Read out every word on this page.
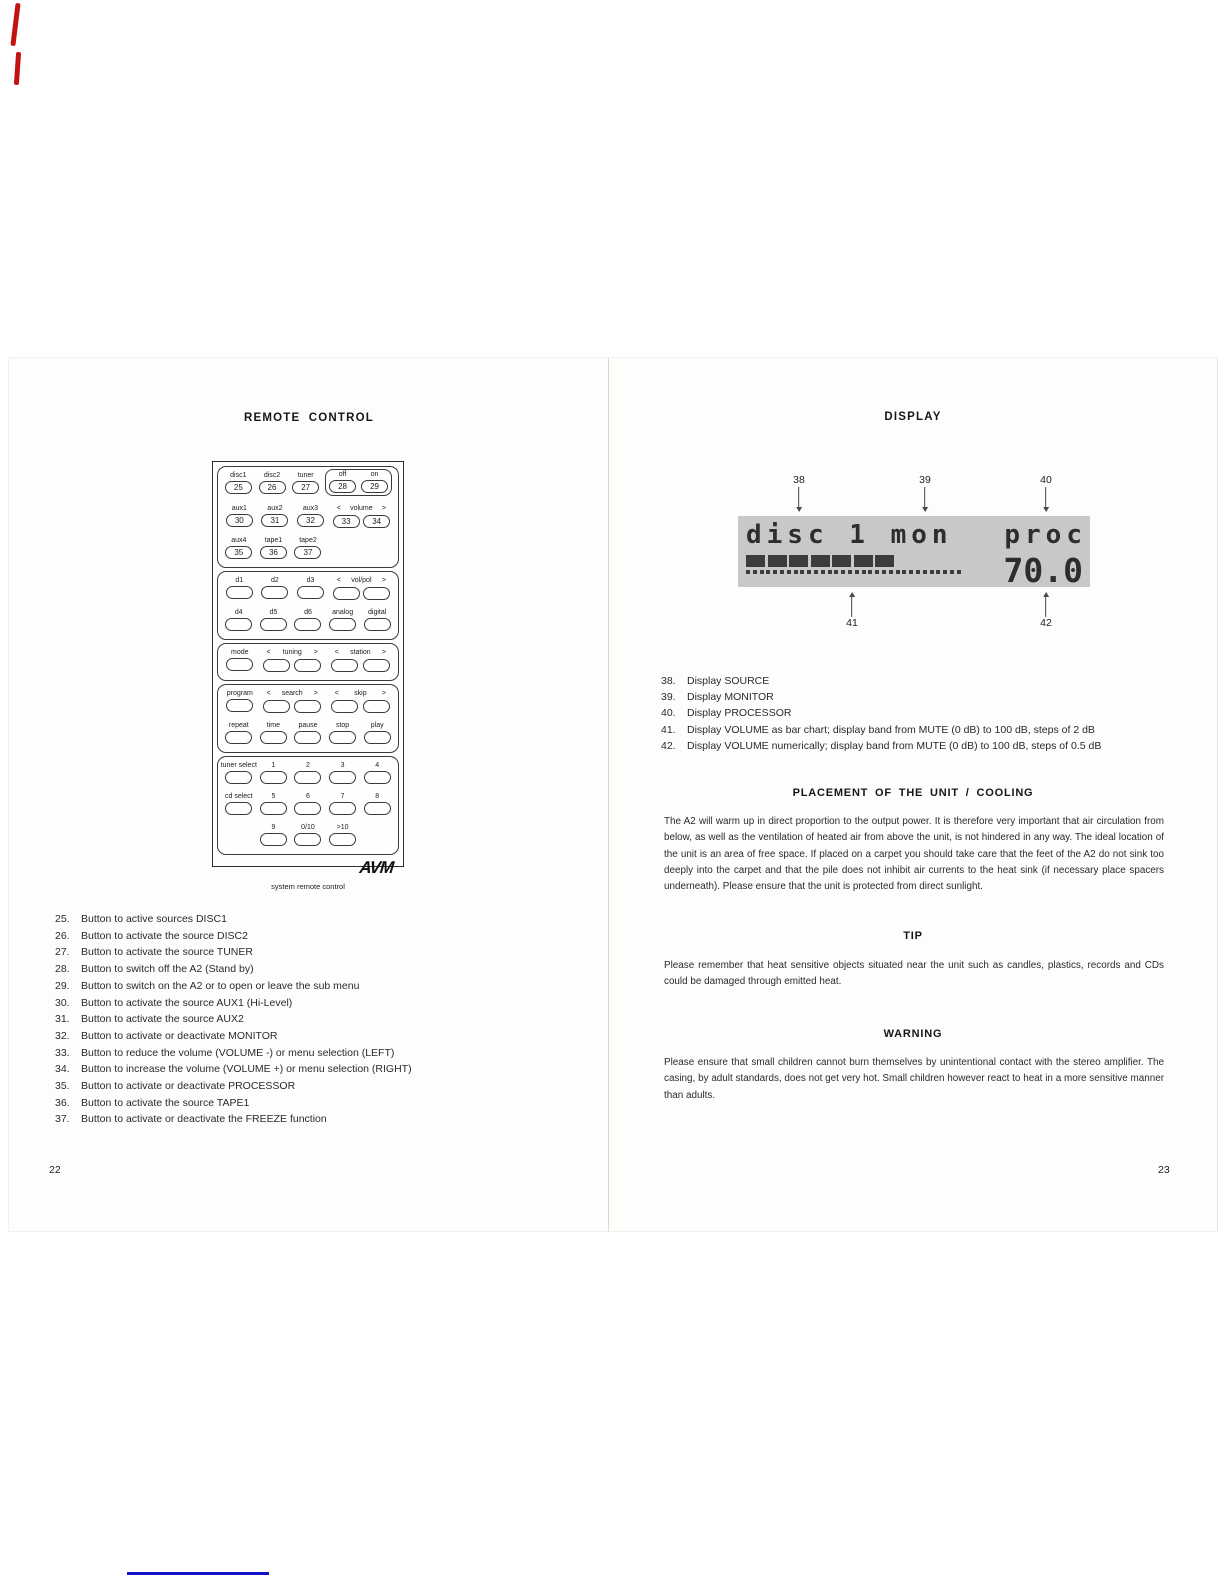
REMOTE CONTROL
disc1
25
disc2
26
tuner
27
off
28
on
29
aux1
30
aux2
31
aux3
32
< volume >
33	34
aux4
35
tape1
36
tape2
37
d1	d2	d3	< vol/pol >
d4	d5	d6	analog digital
mode	< tuning > < station >
program < search > < skip >
repeat	time	pause	stop	play
tuner select 1	2	3	4
cd select	5	6	7	8
9	0/10	>10
AVM
system remote control
25.	Button to active sources DISC1
26.	Button to activate the source DISC2
27.	Button to activate the source TUNER
28.	Button to switch off the A2 (Stand by)
29.	Button to switch on the A2 or to open or leave the sub menu
30.	Button to activate the source AUX1 (Hi-Level)
31.	Button to activate the source AUX2
32.	Button to activate or deactivate MONITOR
33.	Button to reduce the volume (VOLUME -) or menu selection (LEFT)
34.	Button to increase the volume (VOLUME +) or menu selection (RIGHT)
35.	Button to activate or deactivate PROCESSOR
36.	Button to activate the source TAPE1
37.	Button to activate or deactivate the FREEZE function
22
DISPLAY
disc 1 mon proc
70.0
38	39	40
41	42
38.	Display SOURCE
39.	Display MONITOR
40.	Display PROCESSOR
41.	Display VOLUME as bar chart; display band from MUTE (0 dB) to 100 dB, steps of 2 dB
42.	Display VOLUME numerically; display band from MUTE (0 dB) to 100 dB, steps of 0.5 dB
PLACEMENT OF THE UNIT / COOLING
The A2 will warm up in direct proportion to the output power. It is therefore very important that air circulation from below, as well as the ventilation of heated air from above the unit, is not hindered in any way. The ideal location of the unit is an area of free space. If placed on a carpet you should take care that the feet of the A2 do not sink too deeply into the carpet and that the pile does not inhibit air currents to the heat sink (if necessary place spacers underneath). Please ensure that the unit is protected from direct sunlight.
TIP
Please remember that heat sensitive objects situated near the unit such as candles, plastics, records and CDs could be damaged through emitted heat.
WARNING
Please ensure that small children cannot burn themselves by unintentional contact with the stereo amplifier. The casing, by adult standards, does not get very hot. Small children however react to heat in a more sensitive manner than adults.
23
